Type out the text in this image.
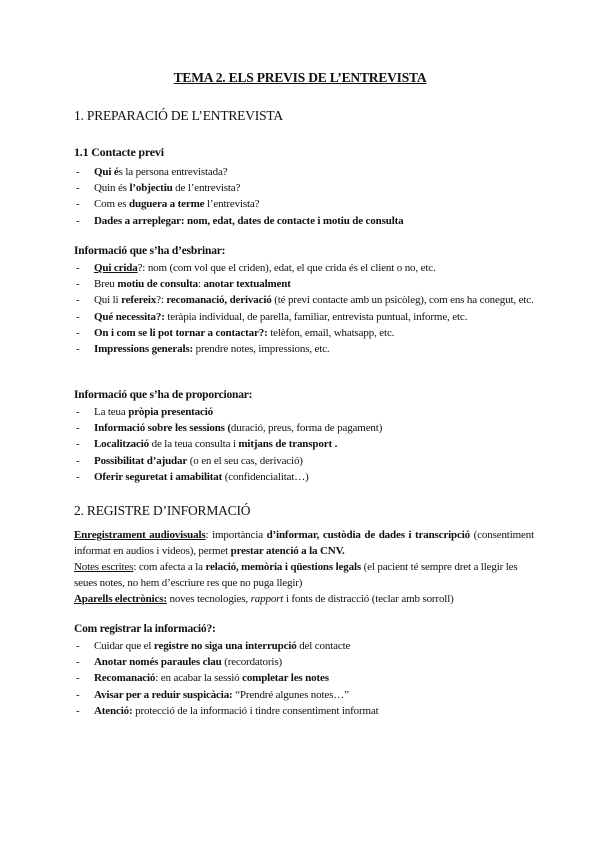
TEMA 2. ELS PREVIS DE L’ENTREVISTA
1. PREPARACIÓ DE L’ENTREVISTA
1.1 Contacte previ
- Qui és la persona entrevistada?
- Quin és l’objectiu de l’entrevista?
- Com es duguera a terme l’entrevista?
- Dades a arreplegar: nom, edat, dates de contacte i motiu de consulta
Informació que s’ha d’esbrinar:
- Qui crida?: nom (com vol que el criden), edat, el que crida és el client o no, etc.
- Breu motiu de consulta: anotar textualment
- Qui li refereix?: recomanació, derivació (té previ contacte amb un psicòleg), com ens ha conegut, etc.
- Qué necessita?: teràpia individual, de parella, familiar, entrevista puntual, informe, etc.
- On i com se li pot tornar a contactar?: telèfon, email, whatsapp, etc.
- Impressions generals: prendre notes, impressions, etc.
Informació que s’ha de proporcionar:
- La teua pròpia presentació
- Informació sobre les sessions (duració, preus, forma de pagament)
- Localització de la teua consulta i mitjans de transport .
- Possibilitat d’ajudar (o en el seu cas, derivació)
- Oferir seguretat i amabilitat (confidencialitat…)
2. REGISTRE D’INFORMACIÓ
Enregistrament audiovisuals: importància d’informar, custòdia de dades i transcripció (consentiment informat en audios i videos), permet prestar atenció a la CNV.
Notes escrites: com afecta a la relació, memòria i qüestions legals (el pacient té sempre dret a llegir les seues notes, no hem d’escriure res que no puga llegir)
Aparells electrònics: noves tecnologies, rapport i fonts de distracció (teclar amb sorroll)
Com registrar la informació?:
- Cuidar que el registre no siga una interrupció del contacte
- Anotar només paraules clau (recordatoris)
- Recomanació: en acabar la sessió completar les notes
- Avisar per a reduir suspicàcia: “Prendré algunes notes…”
- Atenció: protecció de la informació i tindre consentiment informat
